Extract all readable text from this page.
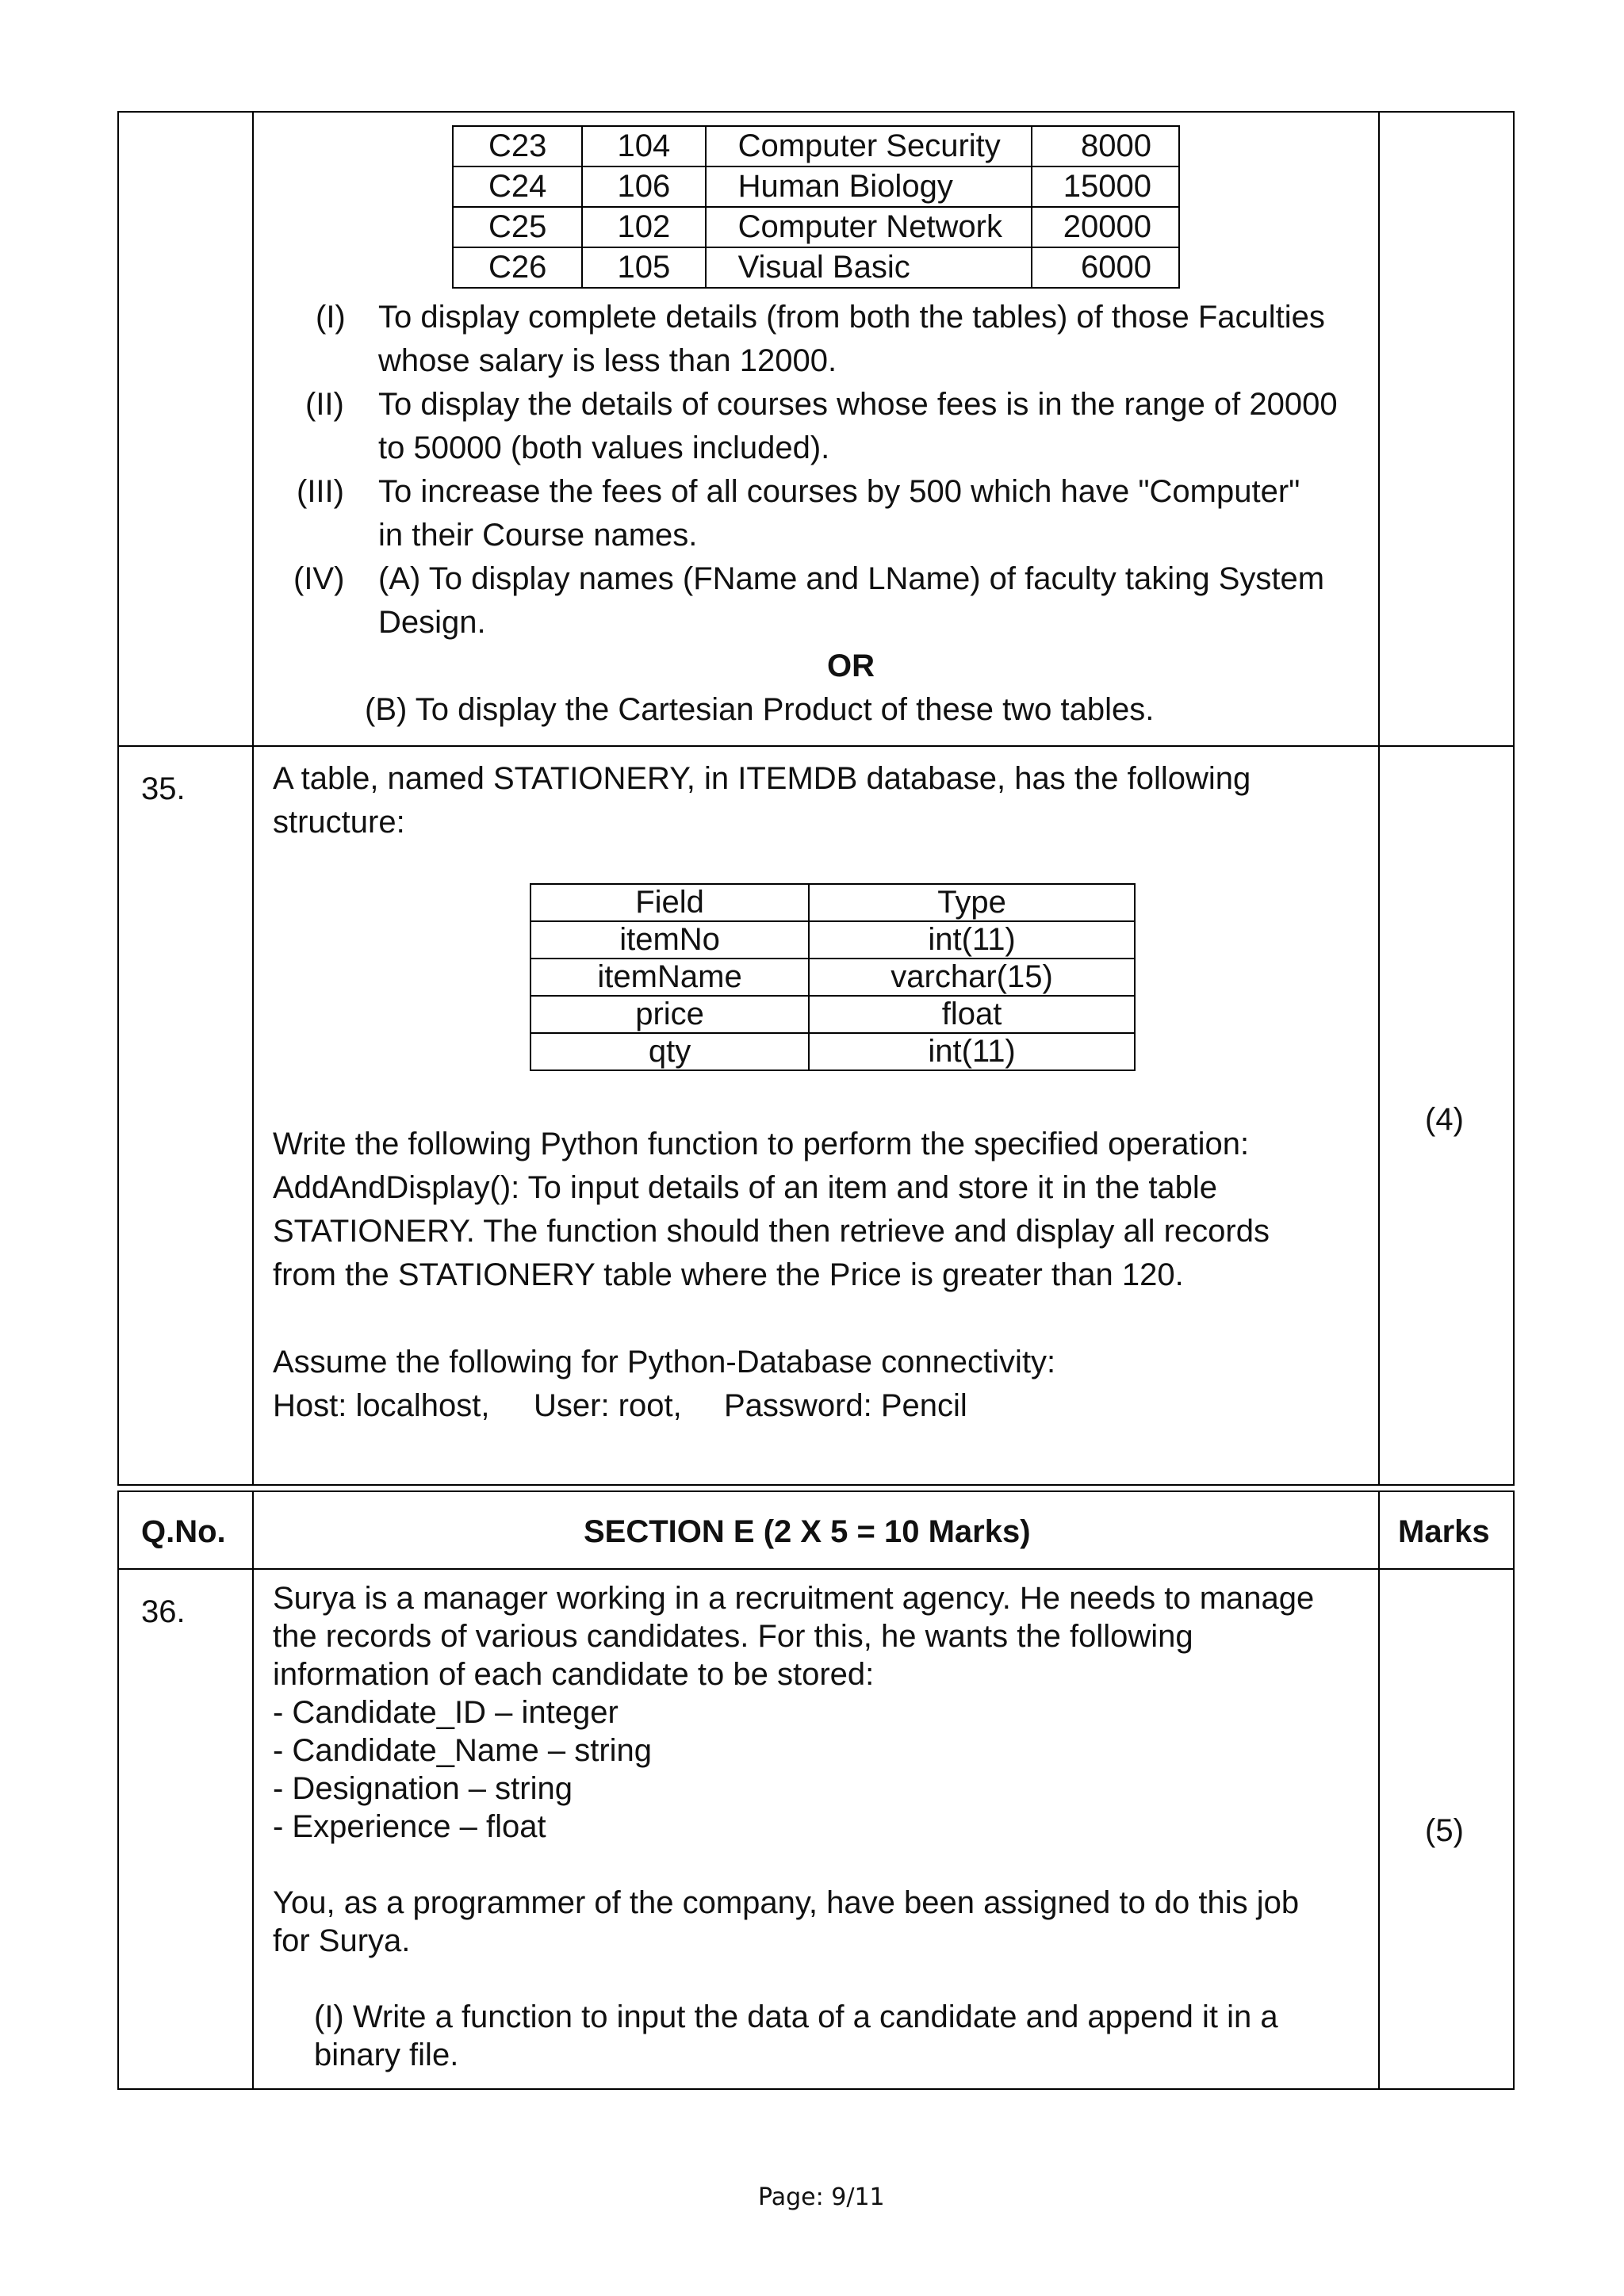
C23	104	Computer Security	8000
C24	106	Human Biology	15000
C25	102	Computer Network	20000
C26	105	Visual Basic	6000
(I) To display complete details (from both the tables) of those Faculties
whose salary is less than 12000.
(II) To display the details of courses whose fees is in the range of 20000
to 50000 (both values included).
(III) To increase the fees of all courses by 500 which have "Computer"
in their Course names.
(IV) (A) To display names (FName and LName) of faculty taking System
Design.
OR
(B) To display the Cartesian Product of these two tables.
35.	A table, named STATIONERY, in ITEMDB database, has the following
structure:
Field	Type
itemNo	int(11)
itemName	varchar(15)
price	float
qty	int(11)
Write the following Python function to perform the specified operation:
AddAndDisplay(): To input details of an item and store it in the table
STATIONERY. The function should then retrieve and display all records
from the STATIONERY table where the Price is greater than 120.
Assume the following for Python-Database connectivity:
Host: localhost, User: root, Password: Pencil
(4)
Q.No.	SECTION E (2 X 5 = 10 Marks)	Marks
36.	Surya is a manager working in a recruitment agency. He needs to manage
the records of various candidates. For this, he wants the following
information of each candidate to be stored:
- Candidate_ID – integer
- Candidate_Name – string
- Designation – string
- Experience – float
You, as a programmer of the company, have been assigned to do this job
for Surya.
(I) Write a function to input the data of a candidate and append it in a
binary file.
(5)
Page: 9/11
